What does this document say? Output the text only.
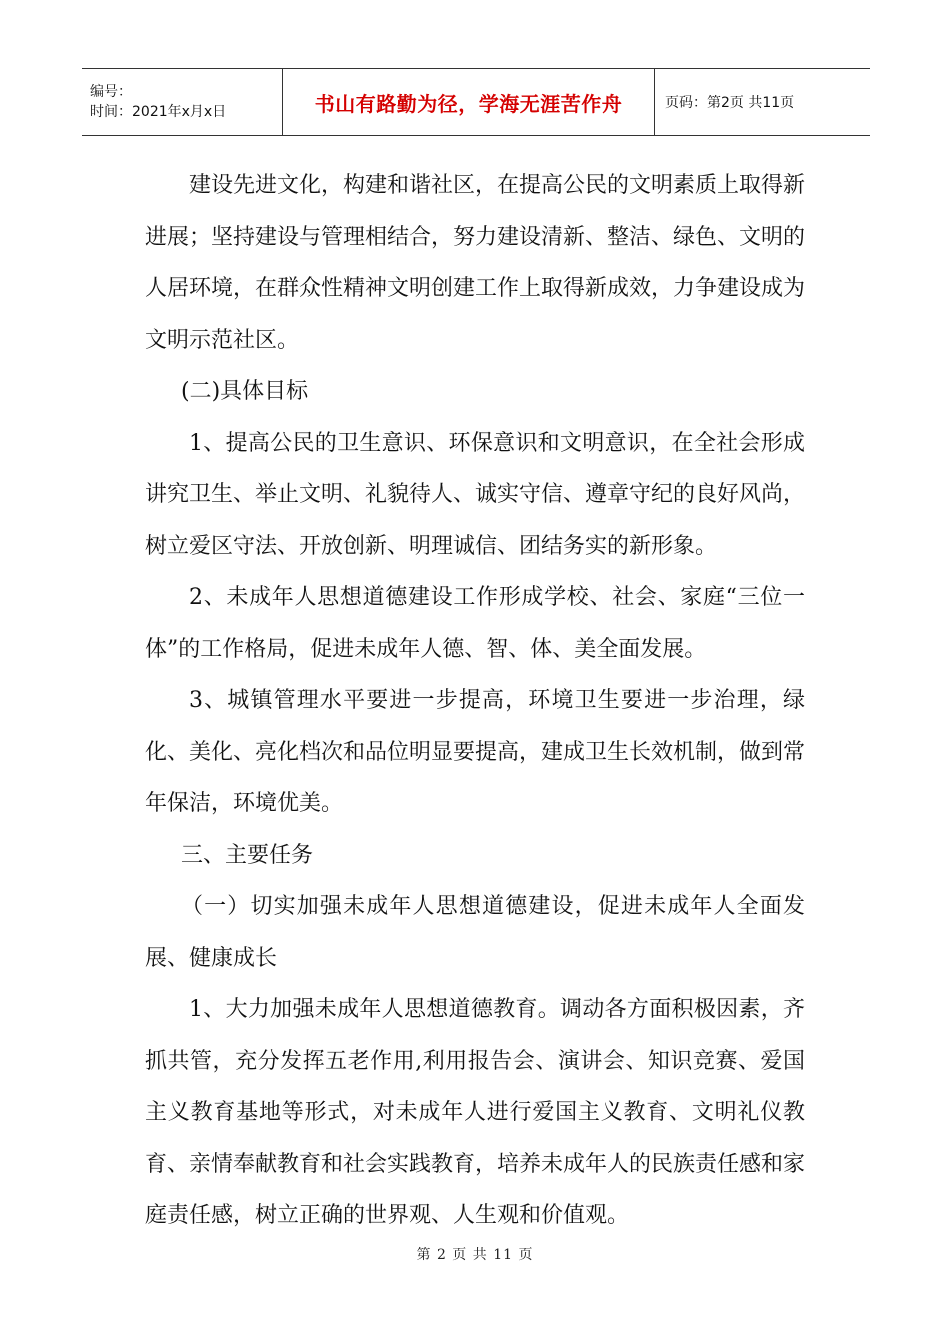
编号：
时间：2021年x月x日	书山有路勤为径，学海无涯苦作舟	页码：第2页 共11页

建设先进文化，构建和谐社区，在提高公民的文明素质上取得新进展；坚持建设与管理相结合，努力建设清新、整洁、绿色、文明的人居环境，在群众性精神文明创建工作上取得新成效，力争建设成为文明示范社区。

(二)具体目标

1、提高公民的卫生意识、环保意识和文明意识，在全社会形成讲究卫生、举止文明、礼貌待人、诚实守信、遵章守纪的良好风尚，树立爱区守法、开放创新、明理诚信、团结务实的新形象。

2、未成年人思想道德建设工作形成学校、社会、家庭“三位一体”的工作格局，促进未成年人德、智、体、美全面发展。

3、城镇管理水平要进一步提高，环境卫生要进一步治理，绿化、美化、亮化档次和品位明显要提高，建成卫生长效机制，做到常年保洁，环境优美。

三、主要任务

（一）切实加强未成年人思想道德建设，促进未成年人全面发展、健康成长

1、大力加强未成年人思想道德教育。调动各方面积极因素，齐抓共管，充分发挥五老作用,利用报告会、演讲会、知识竞赛、爱国主义教育基地等形式，对未成年人进行爱国主义教育、文明礼仪教育、亲情奉献教育和社会实践教育，培养未成年人的民族责任感和家庭责任感，树立正确的世界观、人生观和价值观。

第 2 页 共 11 页
